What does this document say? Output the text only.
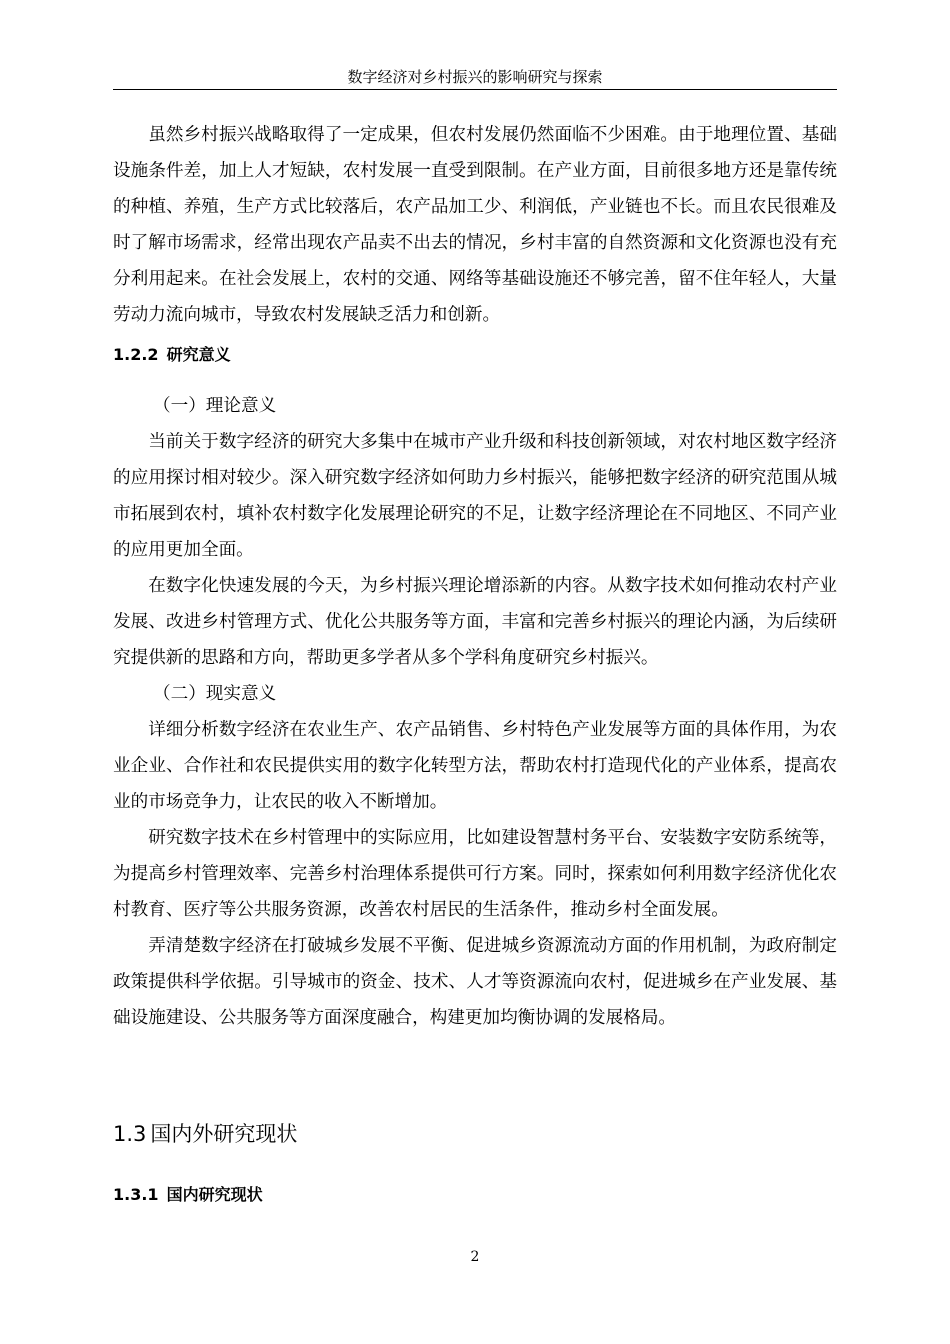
数字经济对乡村振兴的影响研究与探索

虽然乡村振兴战略取得了一定成果，但农村发展仍然面临不少困难。由于地理位置、基础设施条件差，加上人才短缺，农村发展一直受到限制。在产业方面，目前很多地方还是靠传统的种植、养殖，生产方式比较落后，农产品加工少、利润低，产业链也不长。而且农民很难及时了解市场需求，经常出现农产品卖不出去的情况，乡村丰富的自然资源和文化资源也没有充分利用起来。在社会发展上，农村的交通、网络等基础设施还不够完善，留不住年轻人，大量劳动力流向城市，导致农村发展缺乏活力和创新。

1.2.2 研究意义

（一）理论意义

当前关于数字经济的研究大多集中在城市产业升级和科技创新领域，对农村地区数字经济的应用探讨相对较少。深入研究数字经济如何助力乡村振兴，能够把数字经济的研究范围从城市拓展到农村，填补农村数字化发展理论研究的不足，让数字经济理论在不同地区、不同产业的应用更加全面。

在数字化快速发展的今天，为乡村振兴理论增添新的内容。从数字技术如何推动农村产业发展、改进乡村管理方式、优化公共服务等方面，丰富和完善乡村振兴的理论内涵，为后续研究提供新的思路和方向，帮助更多学者从多个学科角度研究乡村振兴。

（二）现实意义

详细分析数字经济在农业生产、农产品销售、乡村特色产业发展等方面的具体作用，为农业企业、合作社和农民提供实用的数字化转型方法，帮助农村打造现代化的产业体系，提高农业的市场竞争力，让农民的收入不断增加。

研究数字技术在乡村管理中的实际应用，比如建设智慧村务平台、安装数字安防系统等，为提高乡村管理效率、完善乡村治理体系提供可行方案。同时，探索如何利用数字经济优化农村教育、医疗等公共服务资源，改善农村居民的生活条件，推动乡村全面发展。

弄清楚数字经济在打破城乡发展不平衡、促进城乡资源流动方面的作用机制，为政府制定政策提供科学依据。引导城市的资金、技术、人才等资源流向农村，促进城乡在产业发展、基础设施建设、公共服务等方面深度融合，构建更加均衡协调的发展格局。

1.3 国内外研究现状
1.3.1 国内研究现状
2
